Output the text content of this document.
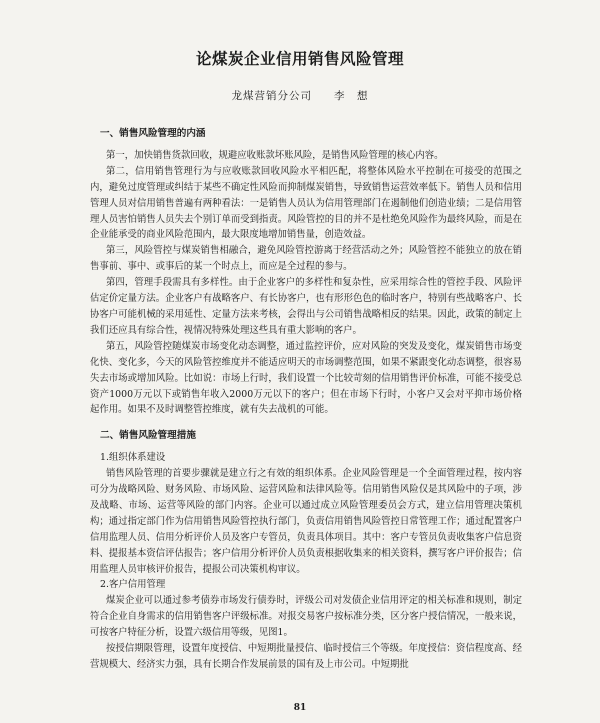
论煤炭企业信用销售风险管理
龙煤营销分公司 李　想

一、销售风险管理的内涵

第一，加快销售货款回收，规避应收账款坏账风险，是销售风险管理的核心内容。

第二，信用销售管理行为与应收账款回收风险水平相匹配，将整体风险水平控制在可接受的范围之内，避免过度管理或纠结于某些不确定性风险而抑制煤炭销售，导致销售运营效率低下。销售人员和信用管理人员对信用销售普遍有两种看法：一是销售人员认为信用管理部门在遏制他们创造业绩；二是信用管理人员害怕销售人员失去个别订单而受到指责。风险管控的目的并不是杜绝免风险作为最终风险，而是在企业能承受的商业风险范围内，最大限度地增加销售量，创造效益。

第三，风险管控与煤炭销售相融合，避免风险管控游离于经营活动之外；风险管控不能独立的放在销售事前、事中、或事后的某一个时点上，而应是全过程的参与。

第四，管理手段需具有多样性。由于企业客户的多样性和复杂性，应采用综合性的管控手段、风险评估定价定量方法。企业客户有战略客户、有长协客户，也有形形色色的临时客户，特别有些战略客户、长协客户可能机械的采用延性、定量方法来考核，会得出与公司销售战略相反的结果。因此，政策的制定上我们还应具有综合性，视情况特殊处理这些具有重大影响的客户。

第五，风险管控随煤炭市场变化动态调整，通过监控评价，应对风险的突发及变化，煤炭销售市场变化快、变化多，今天的风险管控维度并不能适应明天的市场调整范围，如果不紧跟变化动态调整，很容易失去市场或增加风险。比如说：市场上行时，我们设置一个比较苛刻的信用销售评价标准，可能不接受总资产1000万元以下或销售年收入2000万元以下的客户；但在市场下行时，小客户又会对平抑市场价格起作用。如果不及时调整管控维度，就有失去战机的可能。

二、销售风险管理措施

1.组织体系建设

销售风险管理的首要步骤就是建立行之有效的组织体系。企业风险管理是一个全面管理过程，按内容可分为战略风险、财务风险、市场风险、运营风险和法律风险等。信用销售风险仅是其风险中的子项，涉及战略、市场、运营等风险的部门内容。企业可以通过成立风险管理委员会方式，建立信用管理决策机构；通过指定部门作为信用销售风险管控执行部门，负责信用销售风险管控日常管理工作；通过配置客户信用监理人员、信用分析评价人员及客户专管员，负责具体项目。其中：客户专管员负责收集客户信息资料、提报基本资信评估报告；客户信用分析评价人员负责根据收集来的相关资料，撰写客户评价报告；信用监理人员审核评价报告，提报公司决策机构审议。

2.客户信用管理

煤炭企业可以通过参考债券市场发行债券时，评级公司对发债企业信用评定的相关标准和规则，制定符合企业自身需求的信用销售客户评级标准。对报交易客户按标准分类，区分客户授信情况，一般来说，可按客户特征分析，设置六级信用等级，见图1。

按授信期限管理，设置年度授信、中短期批量授信、临时授信三个等级。年度授信：资信程度高、经营规模大、经济实力强，具有长期合作发展前景的国有及上市公司。中短期批

81
